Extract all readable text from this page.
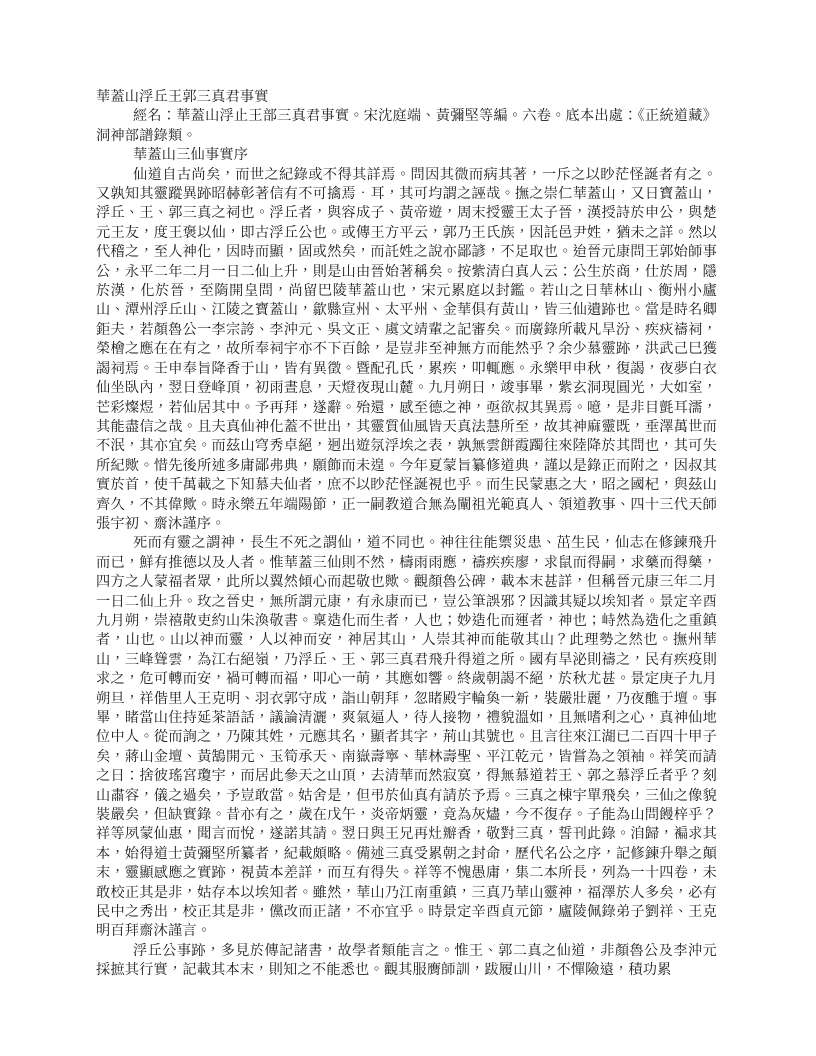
華蓋山浮丘王郭三真君事實

經名：華蓋山浮止王部三真君事實。宋沈庭端、黃彌堅等編。六卷。底本出處：《正統道藏》洞神部譜錄類。

華蓋山三仙事實序

仙道自古尚矣，而世之紀錄或不得其詳焉。問因其微而病其著，一斥之以眇茫怪誕者有之。又孰知其靈蹤異跡昭赫彰著信有不可擒焉．耳，其可均謂之誣哉。撫之崇仁華蓋山，又日寶蓋山，浮丘、王、郭三真之祠也。浮丘者，與容成子、黃帝遊，周末授靈王太子晉，漢授詩於申公，與楚元王友，度王褒以仙，即古浮丘公也。或傳王方平云，郭乃王氏族，因託邑尹姓，猶未之詳。然以代稽之，至人神化，因時而顯，固或然矣，而託姓之說亦鄙諺，不足取也。迨晉元康問王郭始師事公，永平二年二月一日二仙上升，則是山由晉始著稱矣。按紫清白真人云：公生於商，仕於周，隱於漢，化於晉，至隋開皇問，尚留巴陵華蓋山也，宋元累庭以封鑑。若山之日華林山、衡州小廬山、潭州浮丘山、江陵之寶蓋山，歙縣宣州、太平州、金華俱有黃山，皆三仙遺跡也。當是時名卿鉅夫，若顏魯公一李宗誇、李沖元、吳文正、虞文靖輩之記審矣。而廣錄所載凡旱汾、疾疢禱祠，榮檜之應在在有之，故所奉祠宇亦不下百餘，是豈非至神無方而能然乎？余少慕靈跡，洪武己巳獲謁祠焉。壬申奉旨降香于山，皆有異徵。暨配孔氏，累疾，叩輒應。永樂甲申秋，復謁，夜夢白衣仙坐臥內，翌日登峰頂，初雨晝息，天燈夜現山麓。九月朔日，竣事畢，紫玄洞現圓光，大如室，芒彩燦煜，若仙居其中。予再拜，遂辭。殆還，感至德之神，亟欲叔其異焉。噫，是非目氈耳濡，其能盡信之哉。且夫真仙神化蓋不世出，其靈質仙風皆天真法慧所至，故其神麻靈既，垂澤萬世而不泯，其亦宜矣。而茲山穹秀卓絕，迥出遊氛浮埃之表，孰無雲餅霞躅往來陸降於其問也，其可失所紀歟。惜先後所述多庸鄙弗典，願飾而未遑。今年夏蒙旨纂修道典，謹以是錄正而附之，因叔其實於首，使千萬載之下知慕夫仙者，庶不以眇茫怪誕視也乎。而生民蒙惠之大，昭之國杞，與茲山齊久，不其偉歟。時永樂五年端陽節，正一嗣教道合無為闡祖光範真人、領道教事、四十三代天師張宇初、齋沐謹序。

死而有靈之謂神，長生不死之謂仙，道不同也。神往往能禦災患、茁生民，仙志在修鍊飛升而已，鮮有推德以及人者。惟華蓋三仙則不然，檮雨雨應，禱疾疾廖，求鼠而得嗣，求藥而得藥，四方之人蒙福者眾，此所以翼然傾心而起敬也歟。觀顏魯公碑，載本末甚詳，但稱晉元康三年二月一日二仙上升。玫之晉史，無所謂元康，有永康而已，豈公筆誤邪？因識其疑以埃知者。景定辛酉九月朔，崇禧散吏約山朱渙敬書。稟造化而生者，人也；妙造化而運者，神也；峙然為造化之重鎮者，山也。山以神而靈，人以神而安，神居其山，人崇其神而能敬其山？此理勢之然也。撫州華山，三峰聳雲，為江右絕嶺，乃浮丘、王、郭三真君飛升得道之所。國有旱泌則禱之，民有疾疫則求之，危可轉而安，禍可轉而福，叩心一萌，其應如響。終歲朝謁不絕，於秋尤甚。景定庚子九月朔旦，祥偕里人王克明、羽衣郭守成，詣山朝拜，忽睹殿宇輪奐一新，裝嚴壯麗，乃夜醮于壇。事畢，睹當山住持延茶語話，議論清灑，爽氣逼人，待人接物，禮貌溫如，且無嗜利之心，真神仙地位中人。從而詢之，乃陳其姓，元應其名，顯者其字，荊山其號也。且言往來江湖已二百四十甲子矣，蔣山金壇、黃鵠開元、玉筍承天、南嶽壽寧、華林壽聖、平江乾元，皆嘗為之領袖。祥笑而請之日：捨彼瑤宮瓊宇，而居此參天之山頂，去清華而然寂寞，得無慕道若王、郭之慕浮丘者乎？刻山肅容，儀之過矣，予豈敢當。姑舍是，但弔於仙真有請於予焉。三真之棟宇單飛矣，三仙之像貌裝嚴矣，但缺實錄。昔亦有之，歲在戊午，炎帝炳靈，竟為灰燼，今不復存。子能為山問饅梓乎？祥等夙蒙仙惠，聞言而悅，遂諾其請。翌日與王兄再灶瓣香，敬對三真，誓刊此錄。洎歸，褊求其本，始得道士黃彌堅所纂者，紀載頗略。備述三真受累朝之封命，歷代名公之序，記修鍊升舉之顛末，靈顯感應之實跡，視黃本差詳，而互有得失。祥等不愧愚庸，集二本所長，列為一十四卷，未敢校正其是非，姑存本以埃知者。雖然，華山乃江南重鎮，三真乃華山靈神，福澤於人多矣，必有民中之秀出，校正其是非，儻改而正諸，不亦宜乎。時景定辛酉貞元節，廬陵佩錄弟子劉祥、王克明百拜齋沐謹言。

浮丘公事跡，多見於傳記諸書，故學者類能言之。惟王、郭二真之仙道，非顏魯公及李沖元採摭其行實，記載其本末，則知之不能悉也。觀其服膺師訓，跋履山川，不憚險遠，積功累
